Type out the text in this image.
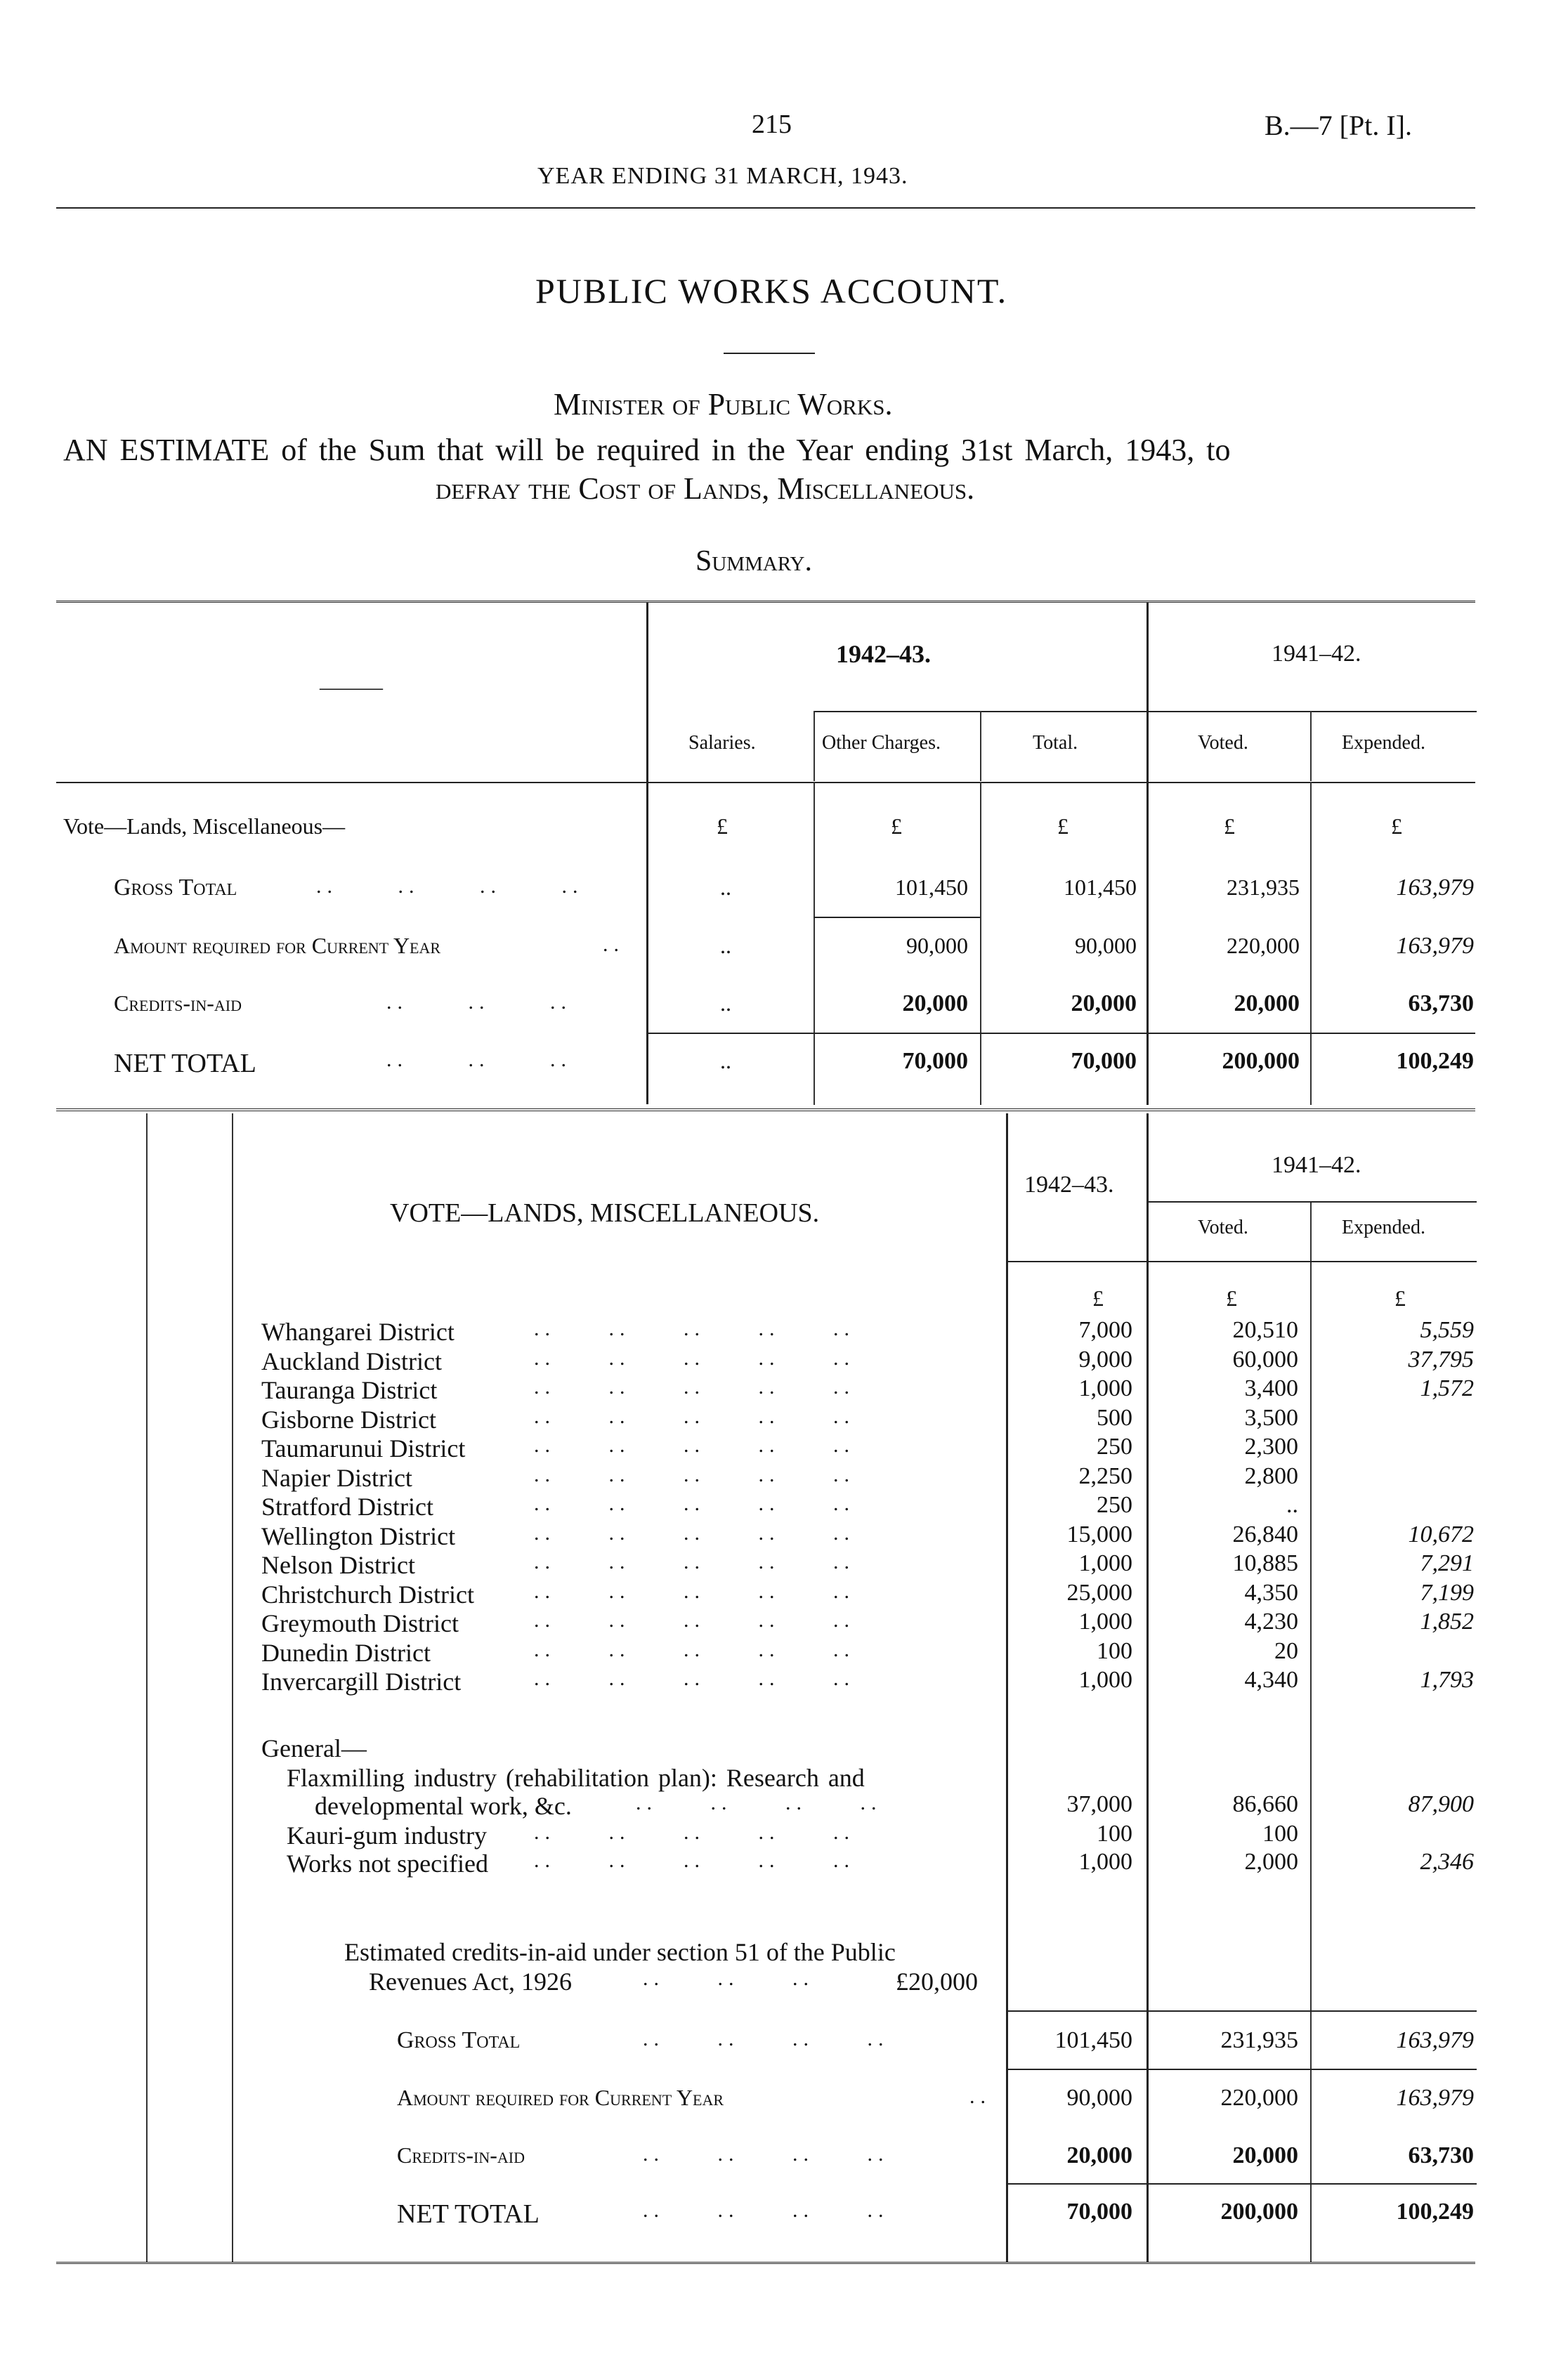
215	B.—7 [Pt. I].
YEAR ENDING 31 MARCH, 1943.
PUBLIC WORKS ACCOUNT.
Minister of Public Works.
AN ESTIMATE of the Sum that will be required in the Year ending 31st March, 1943, to
defray the Cost of Lands, Miscellaneous.
Summary.
———
1942–43.	1941–42.
Salaries.	Other Charges.	Total.	Voted.	Expended.
Vote—Lands, Miscellaneous—	£	£	£	£	£
Gross Total	.. .. .. ..	..	101,450	101,450	231,935	163,979
Amount required for Current Year	..	..	90,000	90,000	220,000	163,979
Credits-in-aid	.. .. ..	..	20,000	20,000	20,000	63,730
NET TOTAL	.. .. ..	..	70,000	70,000	200,000	100,249
VOTE—LANDS, MISCELLANEOUS.
1942–43.
1941–42.
Voted.	Expended.
£	£	£
Whangarei District	.. .. .. .. ..	7,000	20,510	5,559
Auckland District	.. .. .. .. ..	9,000	60,000	37,795
Tauranga District	.. .. .. .. ..	1,000	3,400	1,572
Gisborne District	.. .. .. .. ..	500	3,500
Taumarunui District	.. .. .. .. ..	250	2,300
Napier District	.. .. .. .. ..	2,250	2,800
Stratford District	.. .. .. .. ..	250	..
Wellington District	.. .. .. .. ..	15,000	26,840	10,672
Nelson District	.. .. .. .. ..	1,000	10,885	7,291
Christchurch District	.. .. .. .. ..	25,000	4,350	7,199
Greymouth District	.. .. .. .. ..	1,000	4,230	1,852
Dunedin District	.. .. .. .. ..	100	20
Invercargill District	.. .. .. .. ..	1,000	4,340	1,793
General—
Flaxmilling industry (rehabilitation plan): Research and
developmental work, &c.	.. .. .. ..	37,000	86,660	87,900
Kauri-gum industry .. .. .. .. ..	100	100
Works not specified .. .. .. .. ..	1,000	2,000	2,346
Estimated credits-in-aid under section 51 of the Public
Revenues Act, 1926	.. .. ..	£20,000
Gross Total	.. .. .. ..	101,450	231,935	163,979
Amount required for Current Year	..	90,000	220,000	163,979
Credits-in-aid	.. .. .. ..	20,000	20,000	63,730
NET TOTAL	.. .. .. ..	70,000	200,000	100,249
